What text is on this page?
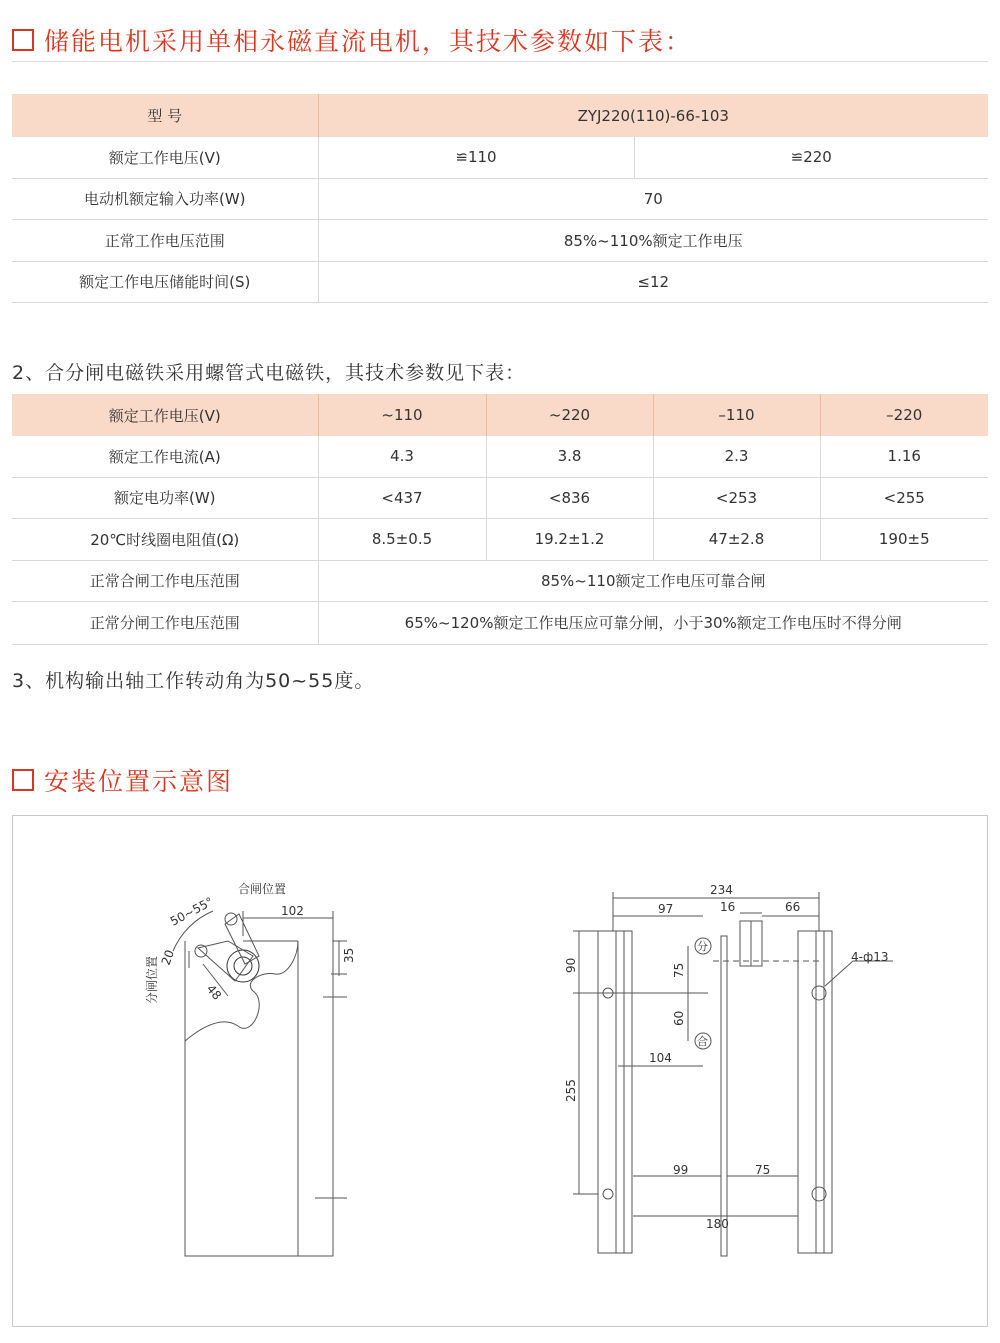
储能电机采用单相永磁直流电机，其技术参数如下表：
型 号	ZYJ220(110)-66-103	
额定工作电压(V)	≌110	≌220
电动机额定输入功率(W)	70	
正常工作电压范围	85%~110%额定工作电压	
额定工作电压储能时间(S)	≤12	
2、合分闸电磁铁采用螺管式电磁铁，其技术参数见下表：
额定工作电压(V)	~110	~220	–110	–220
额定工作电流(A)	4.3	3.8	2.3	1.16
额定电功率(W)	<437	<836	<253	<255
20℃时线圈电阻值(Ω)	8.5±0.5	19.2±1.2	47±2.8	190±5
正常合闸工作电压范围	85%~110额定工作电压可靠合闸			
正常分闸工作电压范围	65%~120%额定工作电压应可靠分闸，小于30%额定工作电压时不得分闸			
3、机构输出轴工作转动角为50~55度。
安装位置示意图
合闸位置
分闸位置
50~55°	102
35
20
48
234
97	16	66
90	75
60
255
104
99	75
180
4-ф13
分
合
